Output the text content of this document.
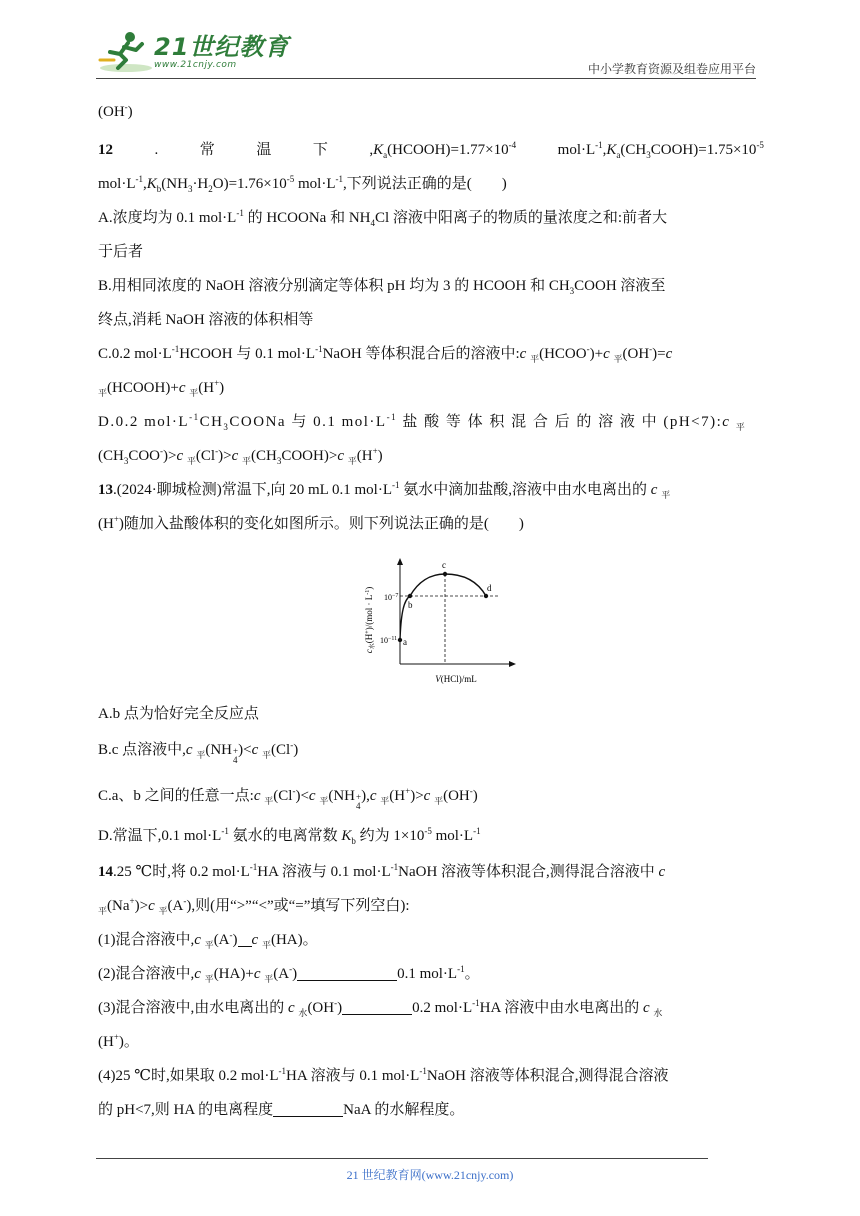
21世纪教育
www.21cnjy.com	中小学教育资源及组卷应用平台
(OH-)
12	.	常	温	下	$,K_a(HCOOH)=1.77\times 10^{-4}$	$mol\cdot L^{-1},K_a(CH_3COOH)=1.75\times 10^{-5}$
$mol\cdot L^{-1},K_b(NH_3\cdot H_2O)=1.76\times 10^{-5}$ $mol\cdot L^{-1}$,下列说法正确的是(　　)
A.浓度均为 0.1 $mol\cdot L^{-1}$ 的 HCOONa 和 $NH_4Cl$ 溶液中阳离子的物质的量浓度之和:前者大
于后者
B.用相同浓度的 NaOH 溶液分别滴定等体积 pH 均为 3 的 HCOOH 和 $CH_3COOH$ 溶液至
终点,消耗 NaOH 溶液的体积相等
C.0.2 $mol\cdot L^{-1}HCOOH$ 与 0.1 $mol\cdot L^{-1}NaOH$ 等体积混合后的溶液中:c $_平$(HCOO-)+c $_平$(OH-)=c
$_平$(HCOOH)+c $_平$(H+)
D.0.2 $mol\cdot L^{-1}CH_3COONa$ 与 0.1 $mol\cdot L^{-1}$ 盐 酸 等 体 积 混 合 后 的 溶 液 中 (pH<7):c $_平$
$(CH_3COO^-)>c$ $_平$(Cl-)>c $_平(CH_3COOH)>c$ $_平$(H+)
13.(2024·聊城检测)常温下,向 20 mL 0.1 $mol\cdot L^{-1}$ 氨水中滴加盐酸,溶液中由水电离出的 c $_平$
(H+)随加入盐酸体积的变化如图所示。则下列说法正确的是(　　)
A.b 点为恰好完全反应点
B.c 点溶液中,c $_平$(NH +
4
)<c $_平$(Cl-)
C.a、b 之间的任意一点:c $_平$(Cl-)<c $_平$(NH +
4
),c $_平$(H+)>c $_平$(OH-)
D.常温下,0.1 $mol\cdot L^{-1}$ 氨水的电离常数 $K_b$ 约为 $1\times 10^{-5}$ $mol\cdot L^{-1}$
14.25 ℃时,将 0.2 $mol\cdot L^{-1}HA$ 溶液与 0.1 $mol\cdot L^{-1}NaOH$ 溶液等体积混合,测得混合溶液中 c
$_平$(Na+)>c $_平$(A-),则(用“>”“<”或“=”填写下列空白):
(1)混合溶液中,c $_平$(A-) c $_平$(HA)。
(2)混合溶液中,c $_平$(HA)+c $_平$(A-)	0.1 $mol\cdot L^{-1}$。
(3)混合溶液中,由水电离出的 c $_水$(OH-)	0.2 $mol\cdot L^{-1}HA$ 溶液中由水电离出的 c $_水$
(H+)。
(4)25 ℃时,如果取 0.2 $mol\cdot L^{-1}HA$ 溶液与 0.1 $mol\cdot L^{-1}NaOH$ 溶液等体积混合,测得混合溶液
的 pH<7,则 HA 的电离程度	NaA 的水解程度。
$c_水(H^+)/(mol \cdot L^{-1})$
$10^{-7}$
$10^{-11}$ a
b
c
d
V(HCl)/mL
21 世纪教育网(www.21cnjy.com)
